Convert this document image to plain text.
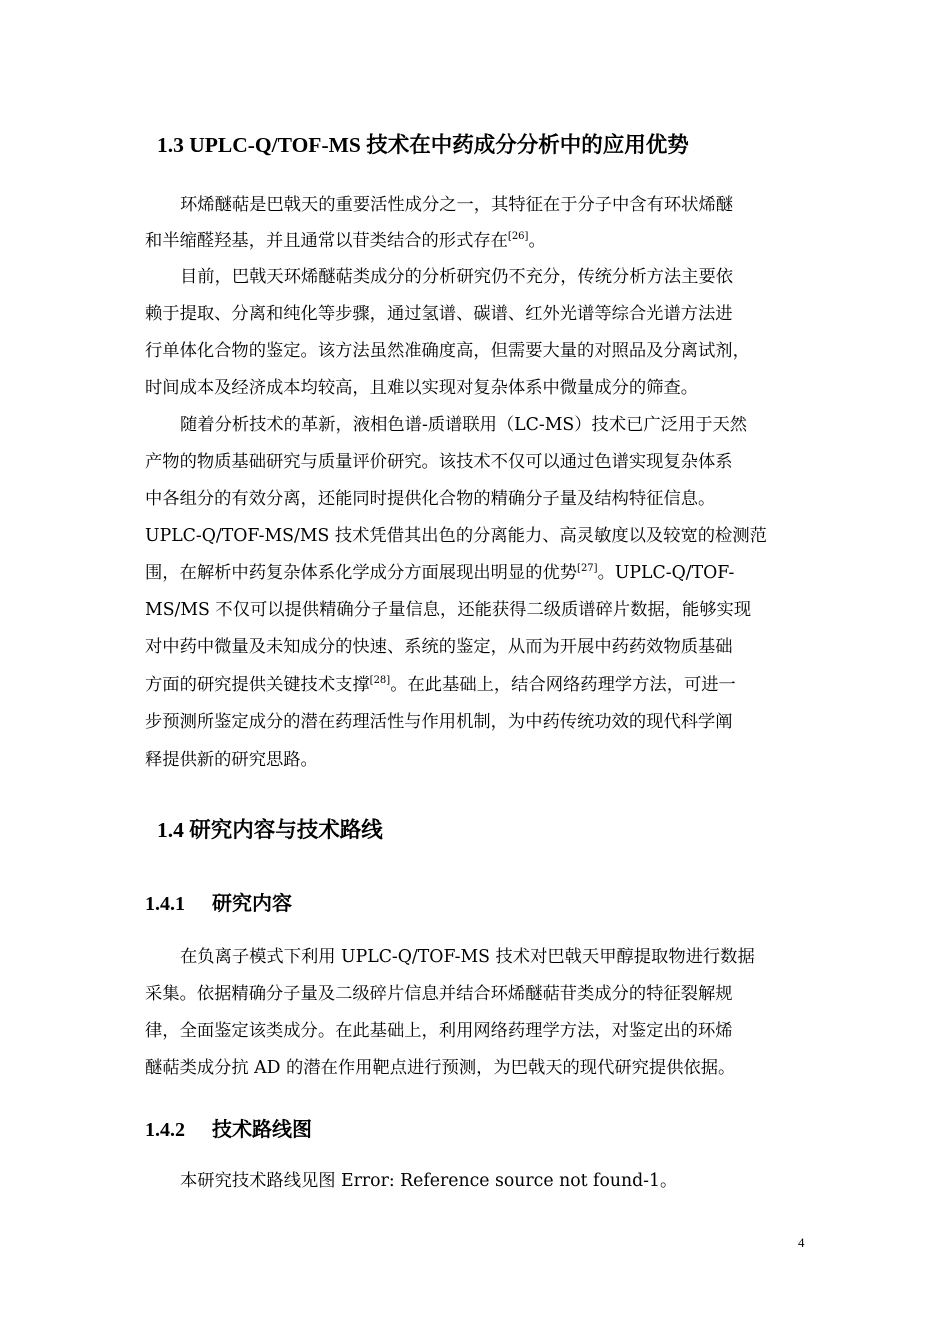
1.3 UPLC-Q/TOF-MS 技术在中药成分分析中的应用优势
环烯醚萜是巴戟天的重要活性成分之一，其特征在于分子中含有环状烯醚
和半缩醛羟基，并且通常以苷类结合的形式存在[26]。
目前，巴戟天环烯醚萜类成分的分析研究仍不充分，传统分析方法主要依
赖于提取、分离和纯化等步骤，通过氢谱、碳谱、红外光谱等综合光谱方法进
行单体化合物的鉴定。该方法虽然准确度高，但需要大量的对照品及分离试剂，
时间成本及经济成本均较高，且难以实现对复杂体系中微量成分的筛查。
随着分析技术的革新，液相色谱-质谱联用（LC-MS）技术已广泛用于天然
产物的物质基础研究与质量评价研究。该技术不仅可以通过色谱实现复杂体系
中各组分的有效分离，还能同时提供化合物的精确分子量及结构特征信息。
UPLC-Q/TOF-MS/MS 技术凭借其出色的分离能力、高灵敏度以及较宽的检测范
围，在解析中药复杂体系化学成分方面展现出明显的优势[27]。UPLC-Q/TOF-
MS/MS 不仅可以提供精确分子量信息，还能获得二级质谱碎片数据，能够实现
对中药中微量及未知成分的快速、系统的鉴定，从而为开展中药药效物质基础
方面的研究提供关键技术支撑[28]。在此基础上，结合网络药理学方法，可进一
步预测所鉴定成分的潜在药理活性与作用机制，为中药传统功效的现代科学阐
释提供新的研究思路。
1.4 研究内容与技术路线
1.4.1 研究内容
在负离子模式下利用 UPLC-Q/TOF-MS 技术对巴戟天甲醇提取物进行数据
采集。依据精确分子量及二级碎片信息并结合环烯醚萜苷类成分的特征裂解规
律，全面鉴定该类成分。在此基础上，利用网络药理学方法，对鉴定出的环烯
醚萜类成分抗 AD 的潜在作用靶点进行预测，为巴戟天的现代研究提供依据。
1.4.2 技术路线图
本研究技术路线见图 Error: Reference source not found-1。
4
